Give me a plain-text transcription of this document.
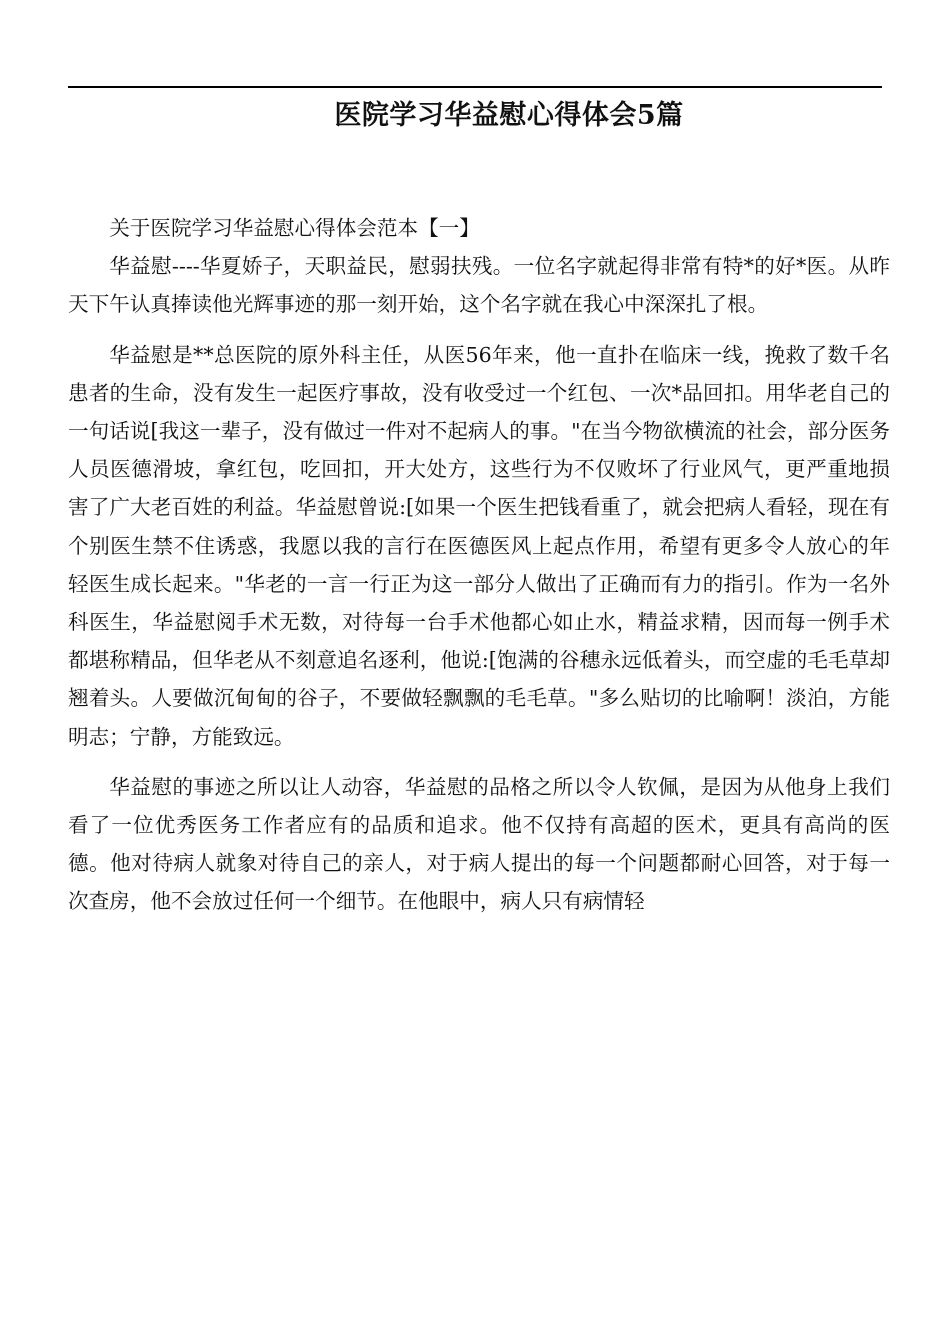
医院学习华益慰心得体会5篇

关于医院学习华益慰心得体会范本【一】

华益慰----华夏娇子，天职益民，慰弱扶残。一位名字就起得非常有特*的好*医。从昨天下午认真捧读他光辉事迹的那一刻开始，这个名字就在我心中深深扎了根。

华益慰是**总医院的原外科主任，从医56年来，他一直扑在临床一线，挽救了数千名患者的生命，没有发生一起医疗事故，没有收受过一个红包、一次*品回扣。用华老自己的一句话说[我这一辈子，没有做过一件对不起病人的事。"在当今物欲横流的社会，部分医务人员医德滑坡，拿红包，吃回扣，开大处方，这些行为不仅败坏了行业风气，更严重地损害了广大老百姓的利益。华益慰曾说:[如果一个医生把钱看重了，就会把病人看轻，现在有个别医生禁不住诱惑，我愿以我的言行在医德医风上起点作用，希望有更多令人放心的年轻医生成长起来。"华老的一言一行正为这一部分人做出了正确而有力的指引。作为一名外科医生，华益慰阅手术无数，对待每一台手术他都心如止水，精益求精，因而每一例手术都堪称精品，但华老从不刻意追名逐利，他说:[饱满的谷穗永远低着头，而空虚的毛毛草却翘着头。人要做沉甸甸的谷子，不要做轻飘飘的毛毛草。"多么贴切的比喻啊！淡泊，方能明志；宁静，方能致远。

华益慰的事迹之所以让人动容，华益慰的品格之所以令人钦佩，是因为从他身上我们看了一位优秀医务工作者应有的品质和追求。他不仅持有高超的医术，更具有高尚的医德。他对待病人就象对待自己的亲人，对于病人提出的每一个问题都耐心回答，对于每一次查房，他不会放过任何一个细节。在他眼中，病人只有病情轻
